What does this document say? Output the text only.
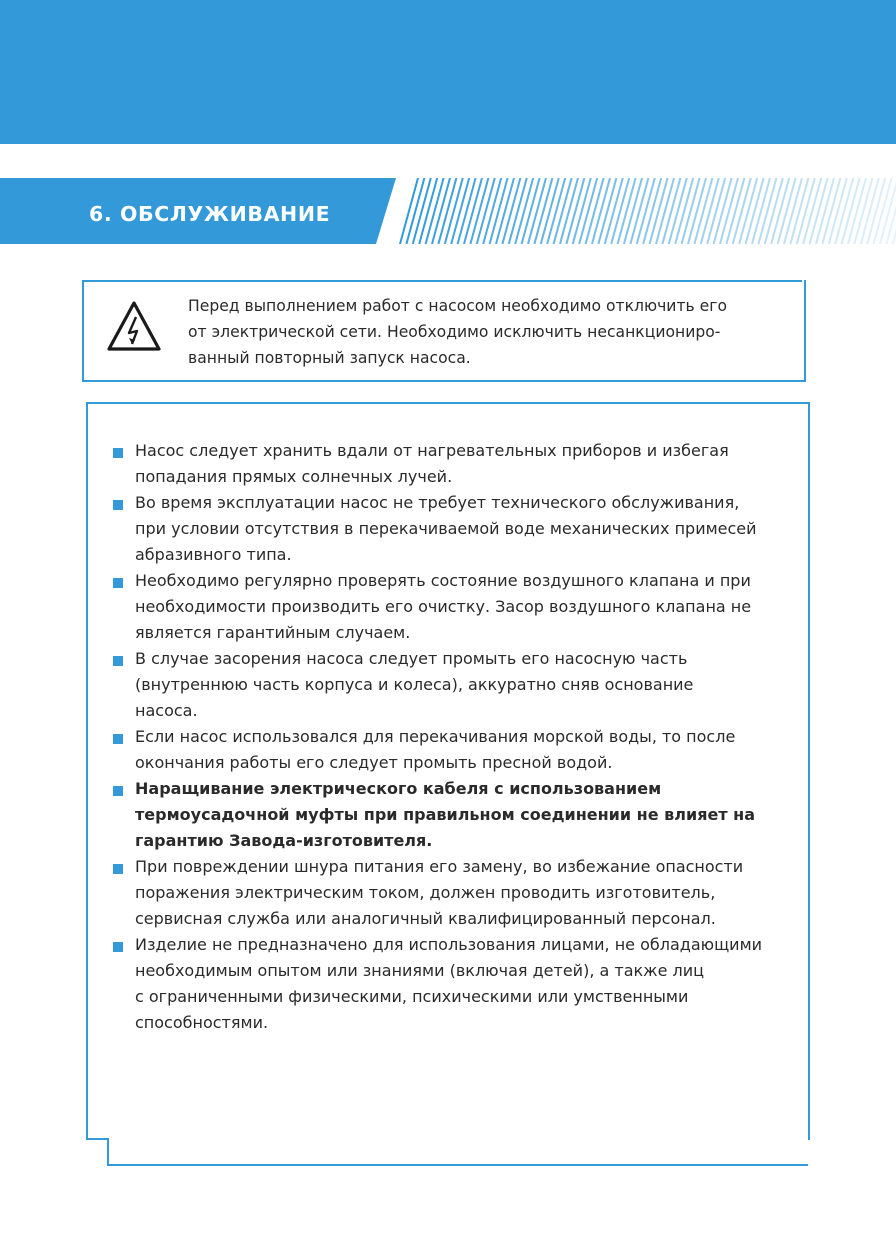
6. ОБСЛУЖИВАНИЕ
Перед выполнением работ с насосом необходимо отключить его
от электрической сети. Необходимо исключить несанкциониро-
ванный повторный запуск насоса.
Насос следует хранить вдали от нагревательных приборов и избегая
попадания прямых солнечных лучей.
Во время эксплуатации насос не требует технического обслуживания,
при условии отсутствия в перекачиваемой воде механических примесей
абразивного типа.
Необходимо регулярно проверять состояние воздушного клапана и при
необходимости производить его очистку. Засор воздушного клапана не
является гарантийным случаем.
В случае засорения насоса следует промыть его насосную часть
(внутреннюю часть корпуса и колеса), аккуратно сняв основание
насоса.
Если насос использовался для перекачивания морской воды, то после
окончания работы его следует промыть пресной водой.
Наращивание электрического кабеля с использованием
термоусадочной муфты при правильном соединении не влияет на
гарантию Завода-изготовителя.
При повреждении шнура питания его замену, во избежание опасности
поражения электрическим током, должен проводить изготовитель,
сервисная служба или аналогичный квалифицированный персонал.
Изделие не предназначено для использования лицами, не обладающими
необходимым опытом или знаниями (включая детей), а также лиц
с ограниченными физическими, психическими или умственными
способностями.
